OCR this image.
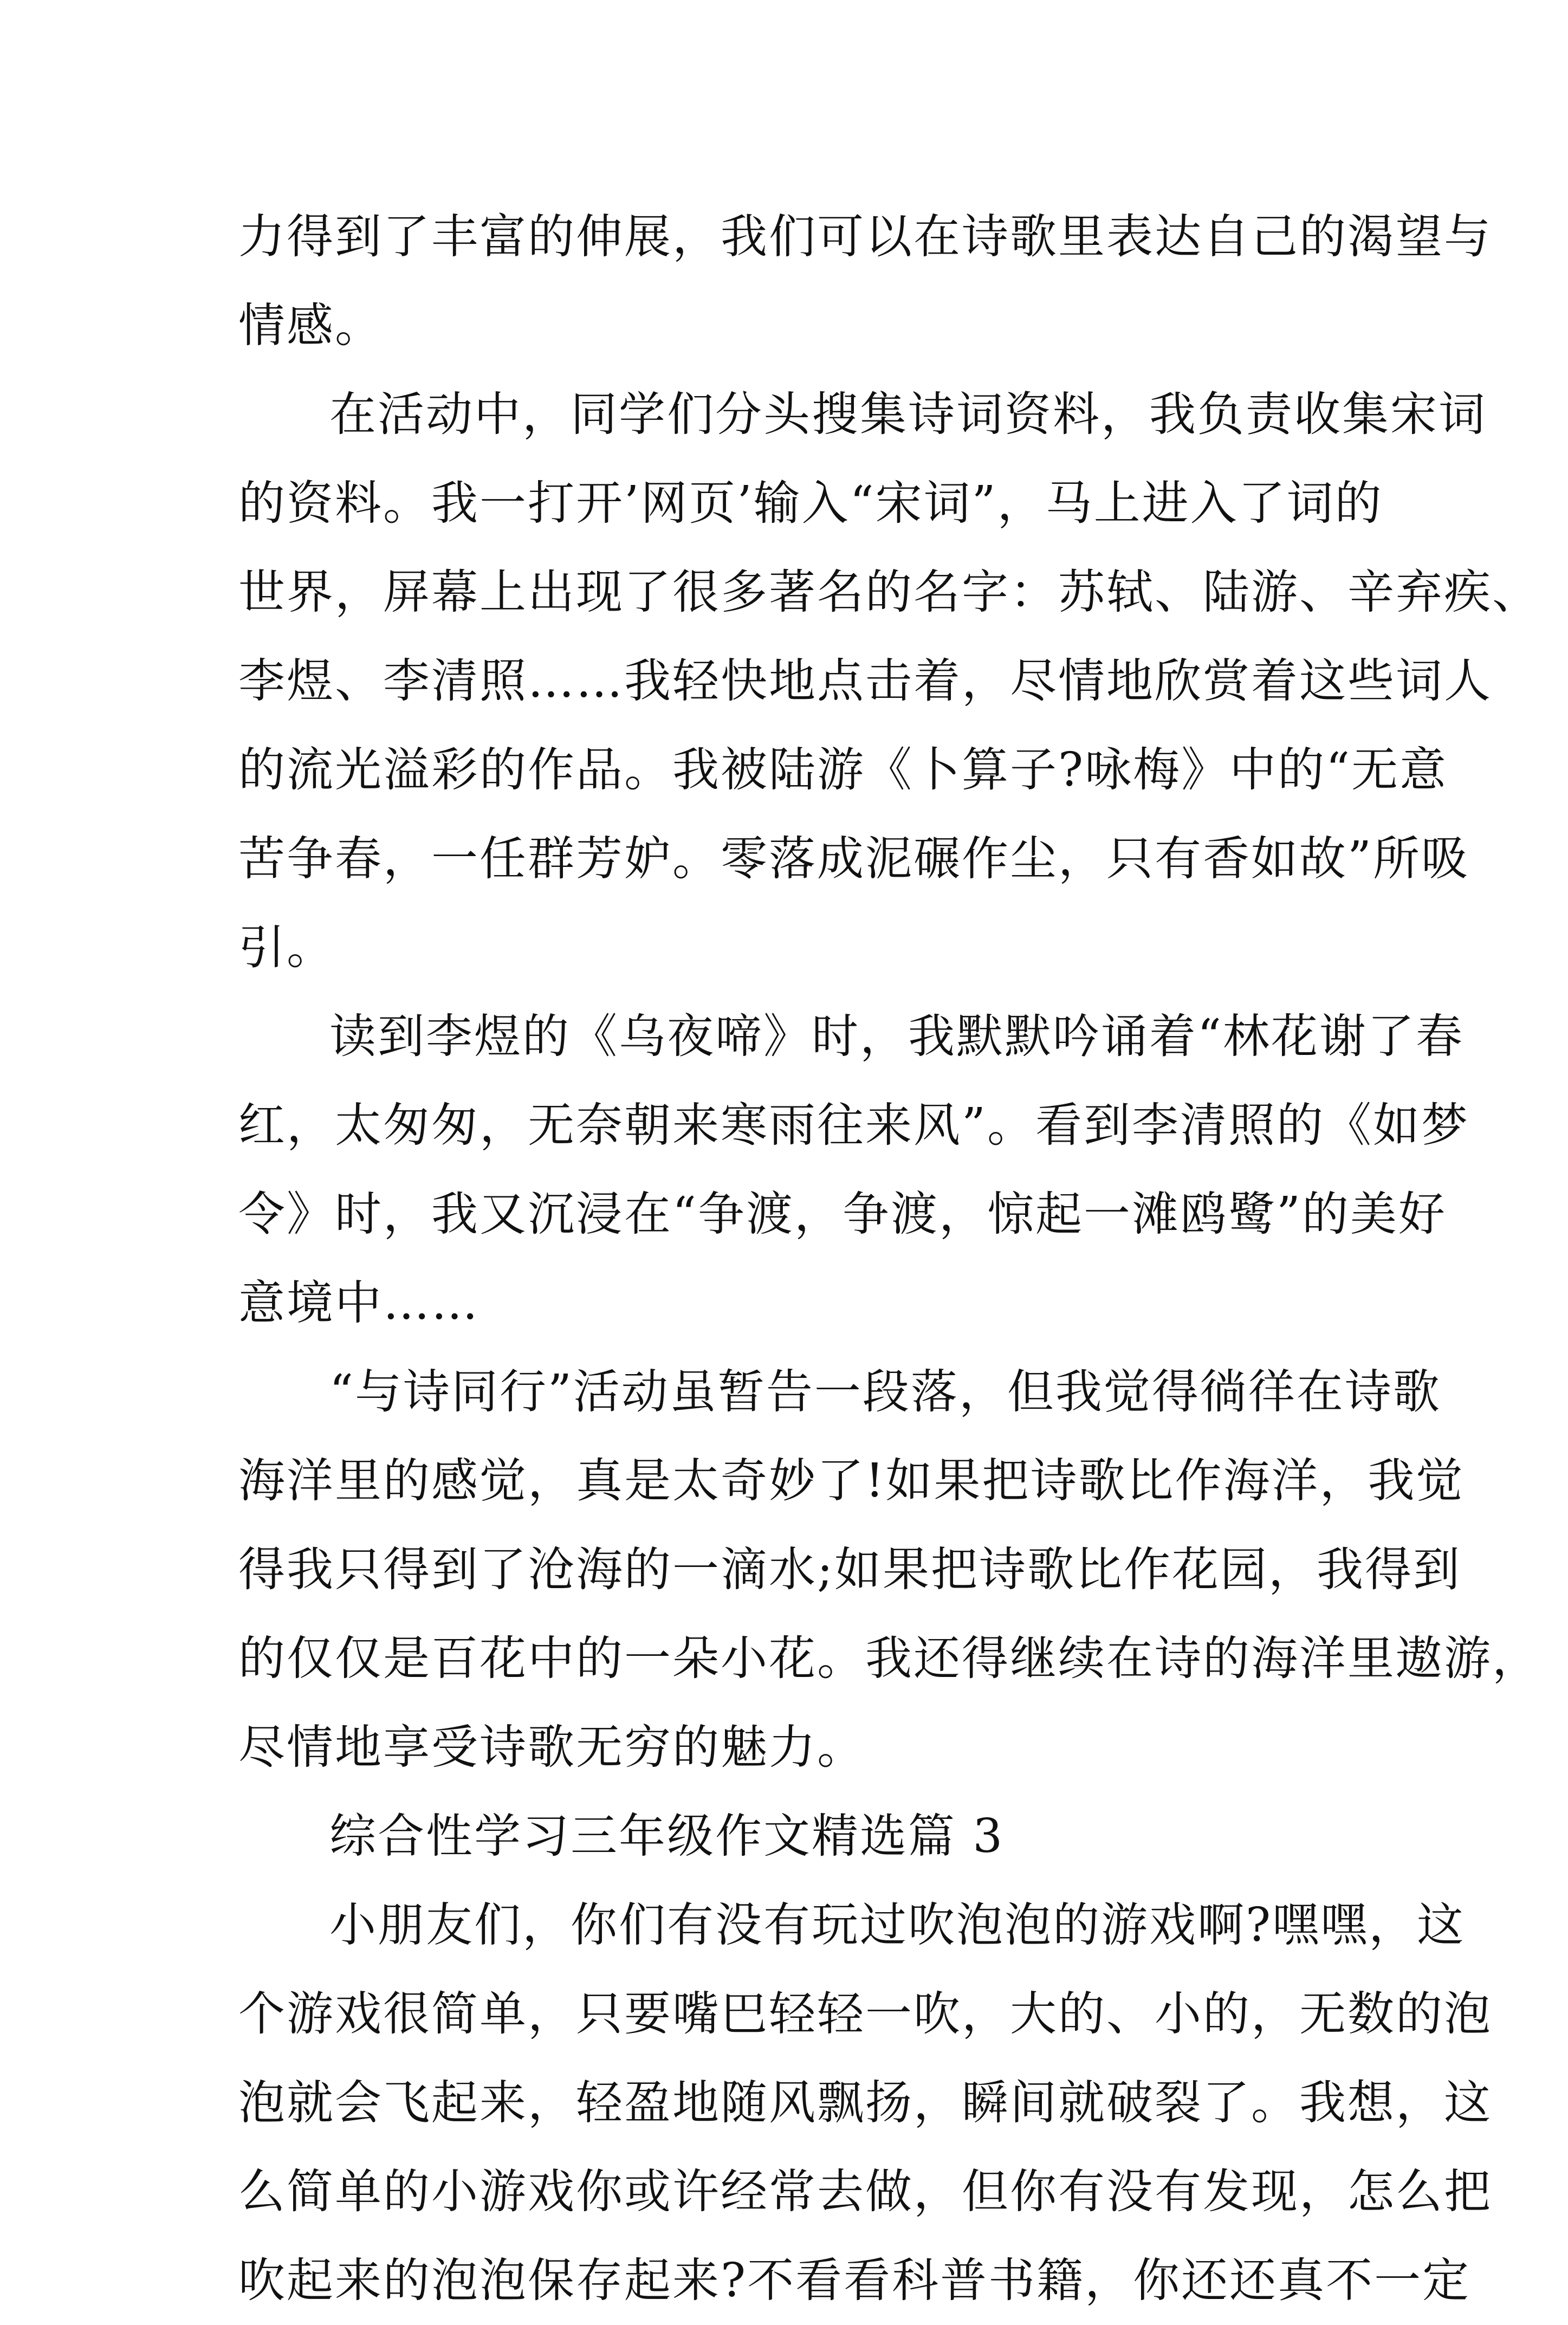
力得到了丰富的伸展，我们可以在诗歌里表达自己的渴望与
情感。
在活动中，同学们分头搜集诗词资料，我负责收集宋词
的资料。我一打开’网页’输入“宋词”，马上进入了词的
世界，屏幕上出现了很多著名的名字：苏轼、陆游、辛弃疾、
李煜、李清照……我轻快地点击着，尽情地欣赏着这些词人
的流光溢彩的作品。我被陆游《卜算子?咏梅》中的“无意
苦争春，一任群芳妒。零落成泥碾作尘，只有香如故”所吸
引。
读到李煜的《乌夜啼》时，我默默吟诵着“林花谢了春
红，太匆匆，无奈朝来寒雨往来风”。看到李清照的《如梦
令》时，我又沉浸在“争渡，争渡，惊起一滩鸥鹭”的美好
意境中……
“与诗同行”活动虽暂告一段落，但我觉得徜徉在诗歌
海洋里的感觉，真是太奇妙了!如果把诗歌比作海洋，我觉
得我只得到了沧海的一滴水;如果把诗歌比作花园，我得到
的仅仅是百花中的一朵小花。我还得继续在诗的海洋里遨游，
尽情地享受诗歌无穷的魅力。
综合性学习三年级作文精选篇 3
小朋友们，你们有没有玩过吹泡泡的游戏啊?嘿嘿，这
个游戏很简单，只要嘴巴轻轻一吹，大的、小的，无数的泡
泡就会飞起来，轻盈地随风飘扬，瞬间就破裂了。我想，这
么简单的小游戏你或许经常去做，但你有没有发现，怎么把
吹起来的泡泡保存起来?不看看科普书籍，你还还真不一定
